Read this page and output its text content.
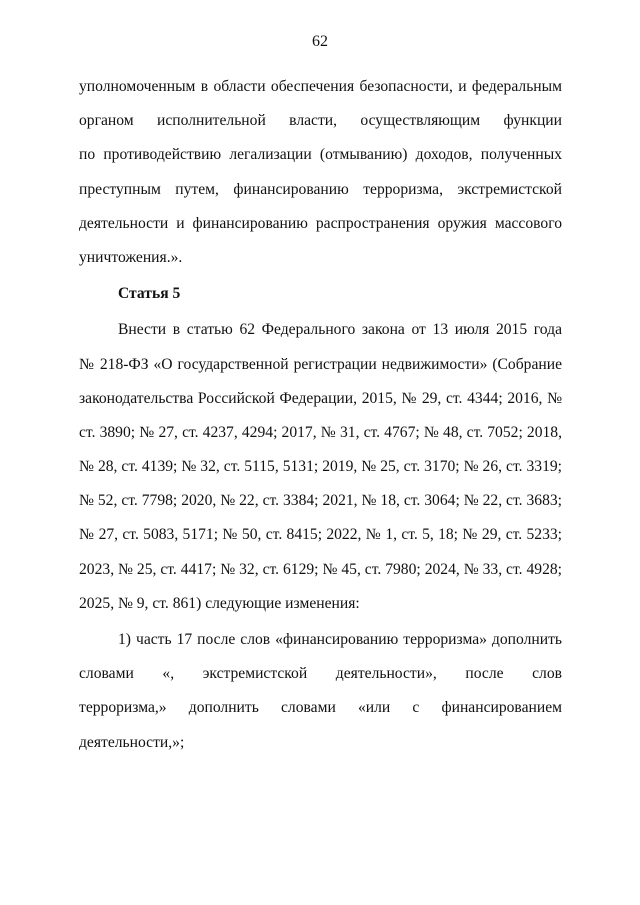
62
уполномоченным в области обеспечения безопасности, и федеральным
органом исполнительной власти, осуществляющим функции
по противодействию легализации (отмыванию) доходов, полученных
преступным путем, финансированию терроризма, экстремистской
деятельности и финансированию распространения оружия массового
уничтожения.».
Статья 5
Внести в статью 62 Федерального закона от 13 июля 2015 года
№ 218-ФЗ «О государственной регистрации недвижимости» (Собрание
законодательства Российской Федерации, 2015, № 29, ст. 4344; 2016, №
ст. 3890; № 27, ст. 4237, 4294; 2017, № 31, ст. 4767; № 48, ст. 7052; 2018,
№ 28, ст. 4139; № 32, ст. 5115, 5131; 2019, № 25, ст. 3170; № 26, ст. 3319;
№ 52, ст. 7798; 2020, № 22, ст. 3384; 2021, № 18, ст. 3064; № 22, ст. 3683;
№ 27, ст. 5083, 5171; № 50, ст. 8415; 2022, № 1, ст. 5, 18; № 29, ст. 5233;
2023, № 25, ст. 4417; № 32, ст. 6129; № 45, ст. 7980; 2024, № 33, ст. 4928;
2025, № 9, ст. 861) следующие изменения:
1) часть 17 после слов «финансированию терроризма» дополнить
словами «, экстремистской деятельности», после слов
терроризма,» дополнить словами «или с финансированием
деятельности,»;
